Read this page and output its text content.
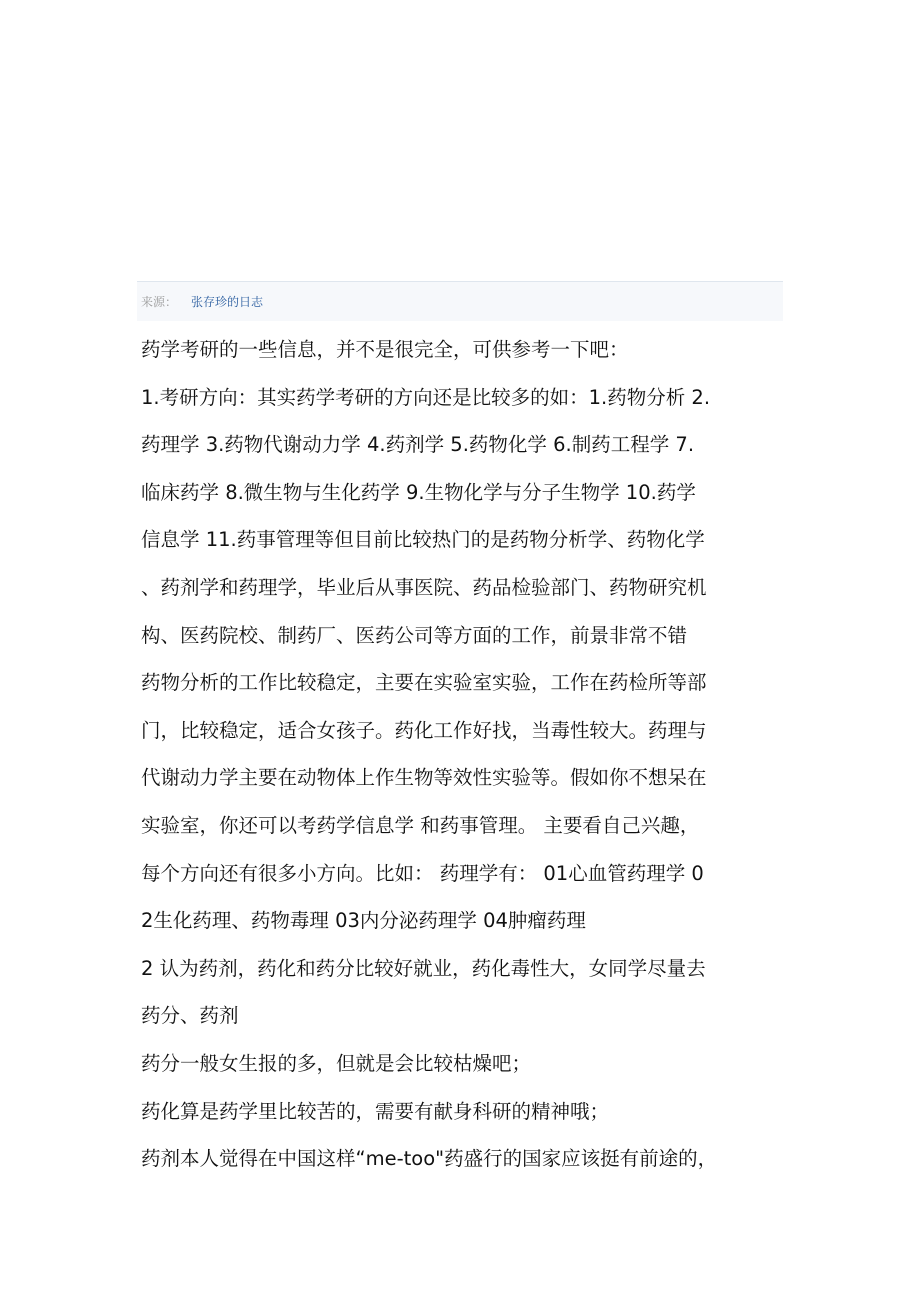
来源： 张存珍的日志
药学考研的一些信息，并不是很完全，可供参考一下吧：
1.考研方向：其实药学考研的方向还是比较多的如：1.药物分析 2.
药理学 3.药物代谢动力学 4.药剂学 5.药物化学 6.制药工程学 7.
临床药学 8.微生物与生化药学 9.生物化学与分子生物学 10.药学
信息学 11.药事管理等但目前比较热门的是药物分析学、药物化学
、药剂学和药理学，毕业后从事医院、药品检验部门、药物研究机
构、医药院校、制药厂、医药公司等方面的工作，前景非常不错
药物分析的工作比较稳定，主要在实验室实验，工作在药检所等部
门，比较稳定，适合女孩子。药化工作好找，当毒性较大。药理与
代谢动力学主要在动物体上作生物等效性实验等。假如你不想呆在
实验室，你还可以考药学信息学 和药事管理。 主要看自己兴趣，
每个方向还有很多小方向。比如： 药理学有： 01心血管药理学 0
2生化药理、药物毒理 03内分泌药理学 04肿瘤药理
2 认为药剂，药化和药分比较好就业，药化毒性大，女同学尽量去
药分、药剂
药分一般女生报的多，但就是会比较枯燥吧；
药化算是药学里比较苦的，需要有献身科研的精神哦；
药剂本人觉得在中国这样“me-too"药盛行的国家应该挺有前途的，
